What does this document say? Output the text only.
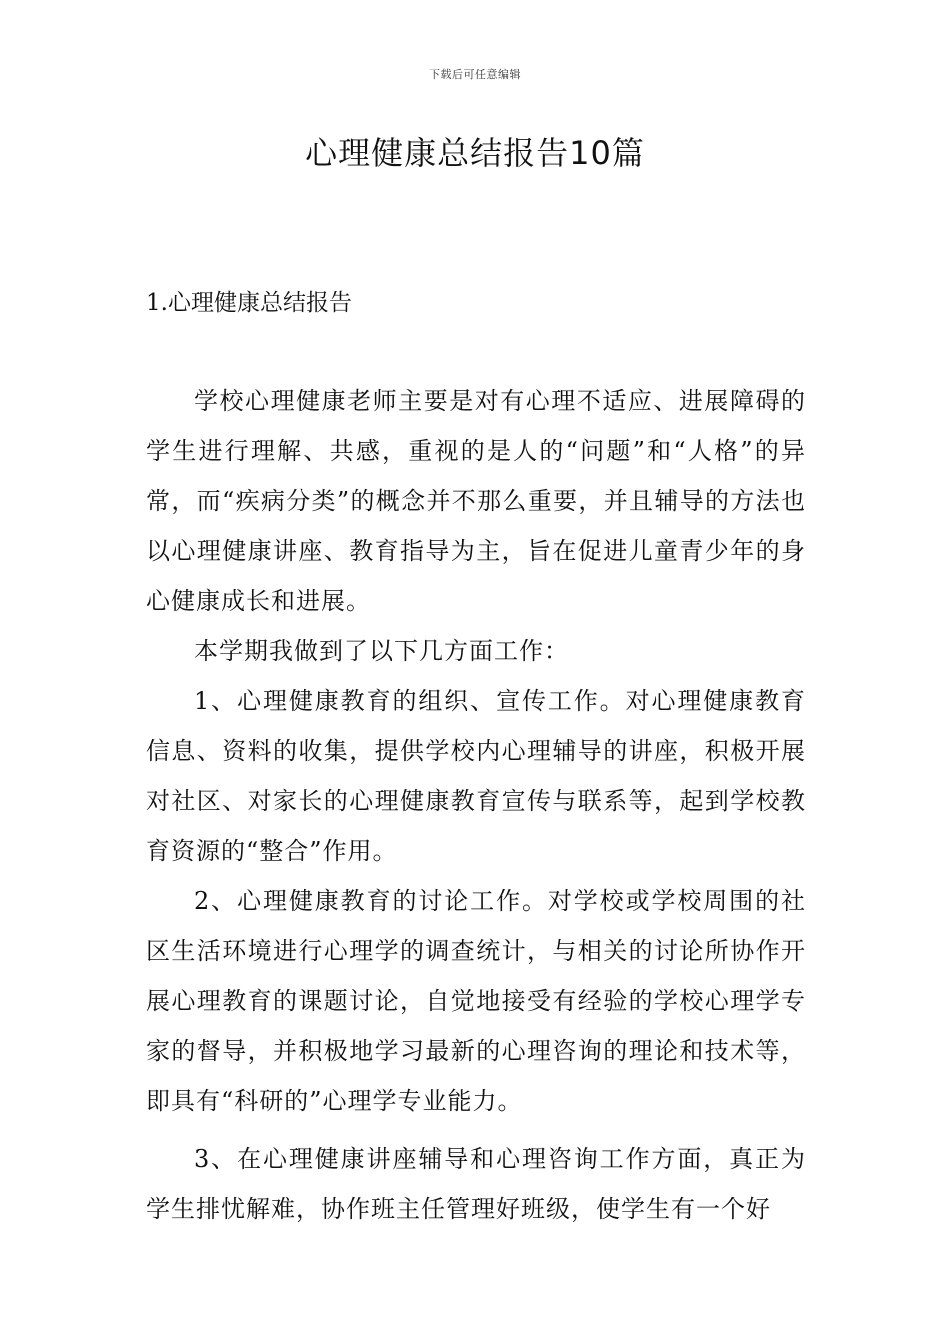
下载后可任意编辑
心理健康总结报告10篇
1.心理健康总结报告

学校心理健康老师主要是对有心理不适应、进展障碍的学生进行理解、共感，重视的是人的“问题”和“人格”的异常，而“疾病分类”的概念并不那么重要，并且辅导的方法也以心理健康讲座、教育指导为主，旨在促进儿童青少年的身心健康成长和进展。

本学期我做到了以下几方面工作：

1、心理健康教育的组织、宣传工作。对心理健康教育信息、资料的收集，提供学校内心理辅导的讲座，积极开展对社区、对家长的心理健康教育宣传与联系等，起到学校教育资源的“整合”作用。

2、心理健康教育的讨论工作。对学校或学校周围的社区生活环境进行心理学的调查统计，与相关的讨论所协作开展心理教育的课题讨论，自觉地接受有经验的学校心理学专家的督导，并积极地学习最新的心理咨询的理论和技术等，即具有“科研的”心理学专业能力。

3、在心理健康讲座辅导和心理咨询工作方面，真正为学生排忧解难，协作班主任管理好班级，使学生有一个好
